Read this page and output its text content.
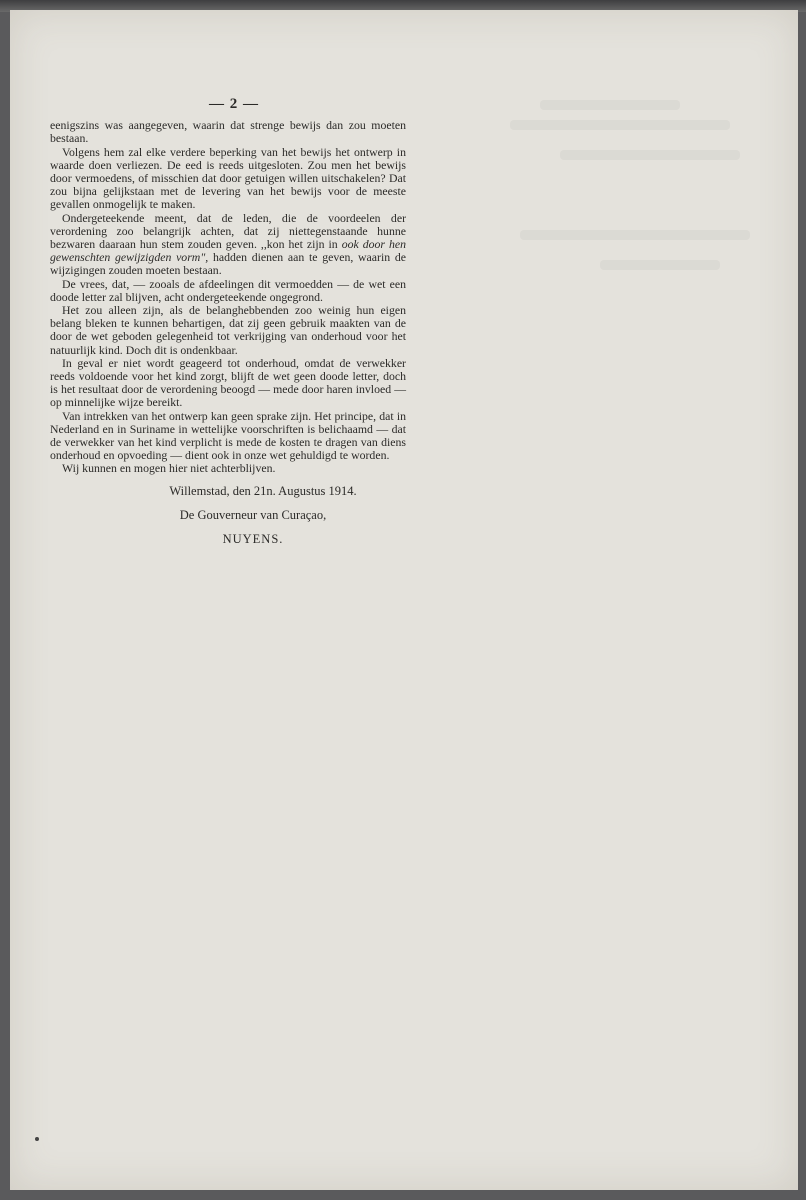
— 2 —

eenigszins was aangegeven, waarin dat strenge bewijs dan zou moeten bestaan.

Volgens hem zal elke verdere beperking van het bewijs het ontwerp in waarde doen verliezen. De eed is reeds uitgesloten. Zou men het bewijs door vermoedens, of misschien dat door getuigen willen uitschakelen? Dat zou bijna gelijkstaan met de levering van het bewijs voor de meeste gevallen onmogelijk te maken.

Ondergeteekende meent, dat de leden, die de voordeelen der verordening zoo belangrijk achten, dat zij niettegenstaande hunne bezwaren daaraan hun stem zouden geven. ,,kon het zijn in ook door hen gewenschten gewijzigden vorm", hadden dienen aan te geven, waarin de wijzigingen zouden moeten bestaan.

De vrees, dat, — zooals de afdeelingen dit vermoedden — de wet een doode letter zal blijven, acht ondergeteekende ongegrond.

Het zou alleen zijn, als de belanghebbenden zoo weinig hun eigen belang bleken te kunnen behartigen, dat zij geen gebruik maakten van de door de wet geboden gelegenheid tot verkrijging van onderhoud voor het natuurlijk kind. Doch dit is ondenkbaar.

In geval er niet wordt geageerd tot onderhoud, omdat de verwekker reeds voldoende voor het kind zorgt, blijft de wet geen doode letter, doch is het resultaat door de verordening beoogd — mede door haren invloed — op minnelijke wijze bereikt.

Van intrekken van het ontwerp kan geen sprake zijn. Het principe, dat in Nederland en in Suriname in wettelijke voorschriften is belichaamd — dat de verwekker van het kind verplicht is mede de kosten te dragen van diens onderhoud en opvoeding — dient ook in onze wet gehuldigd te worden.

Wij kunnen en mogen hier niet achterblijven.

Willemstad, den 21n. Augustus 1914.
De Gouverneur van Curaçao,
NUYENS.
